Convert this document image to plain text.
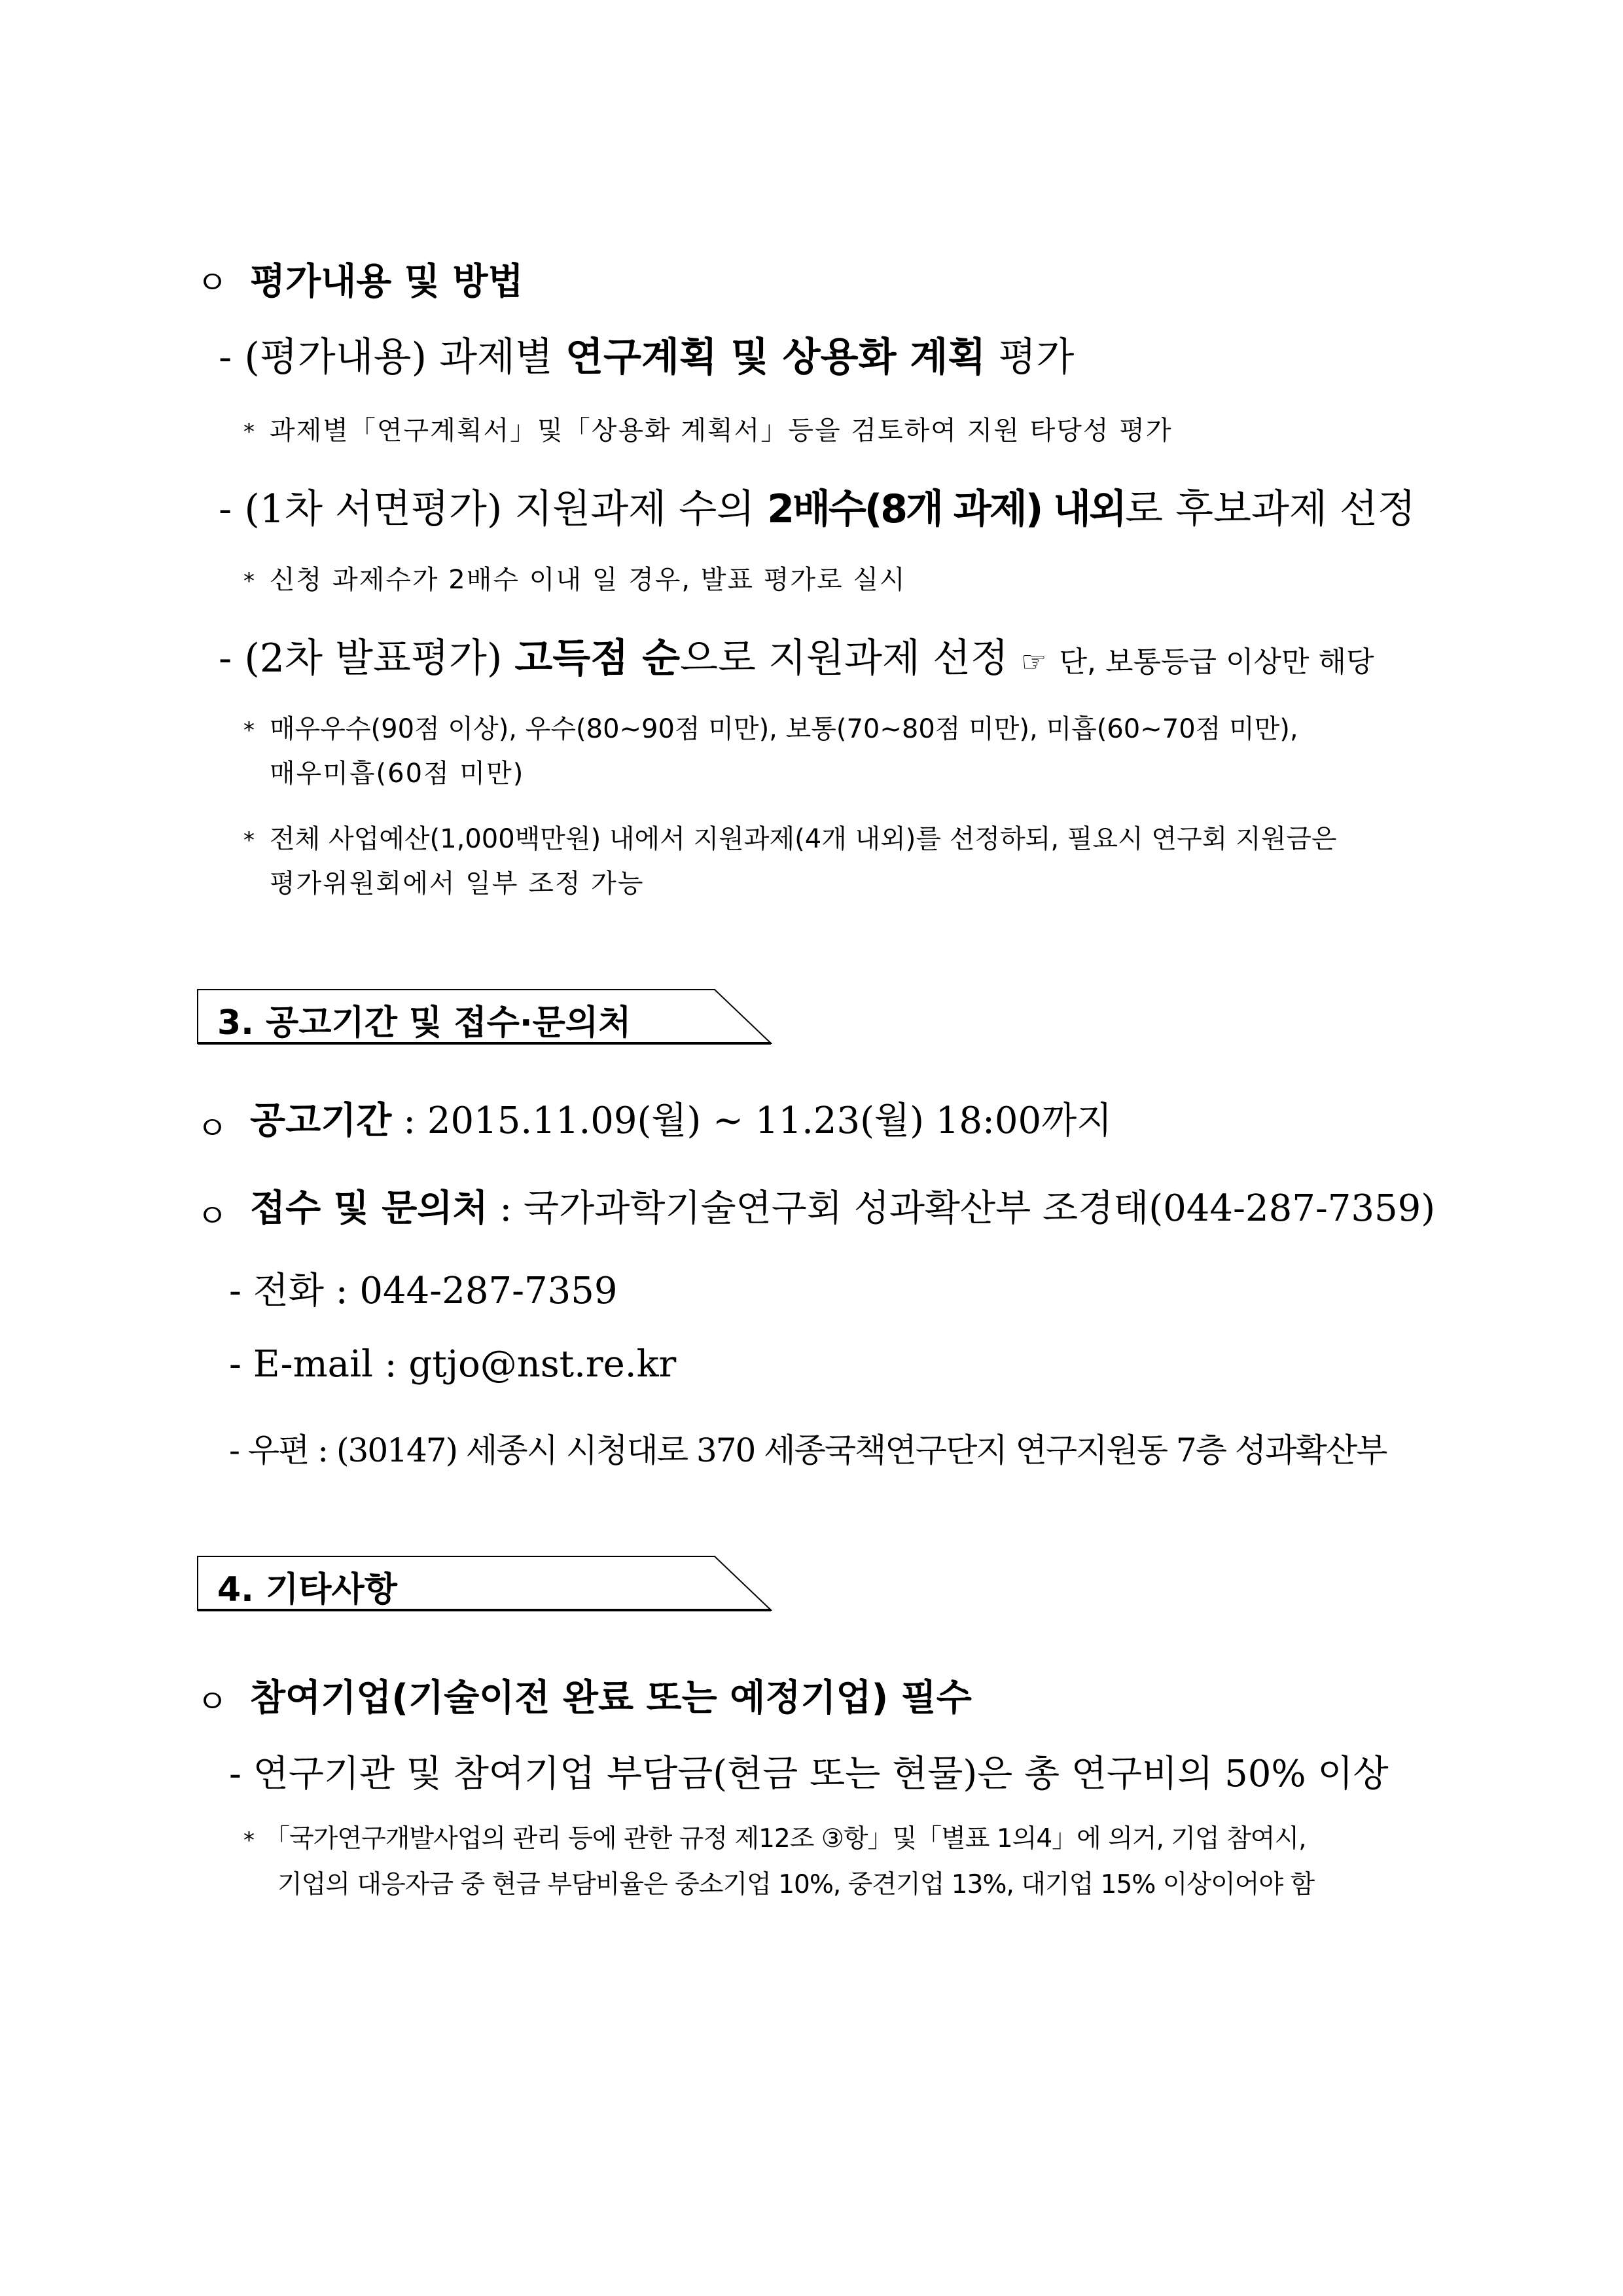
ㅇ 평가내용 및 방법
- (평가내용) 과제별 연구계획 및 상용화 계획 평가
* 과제별「연구계획서」및「상용화 계획서」등을 검토하여 지원 타당성 평가
- (1차 서면평가) 지원과제 수의 2배수(8개 과제) 내외로 후보과제 선정
* 신청 과제수가 2배수 이내 일 경우, 발표 평가로 실시
- (2차 발표평가) 고득점 순으로 지원과제 선정 ☞ 단, 보통등급 이상만 해당
* 매우우수(90점 이상), 우수(80~90점 미만), 보통(70~80점 미만), 미흡(60~70점 미만),
매우미흡(60점 미만)
* 전체 사업예산(1,000백만원) 내에서 지원과제(4개 내외)를 선정하되, 필요시 연구회 지원금은
평가위원회에서 일부 조정 가능
3. 공고기간 및 접수·문의처
ㅇ 공고기간 : 2015.11.09(월) ~ 11.23(월) 18:00까지
ㅇ 접수 및 문의처 : 국가과학기술연구회 성과확산부 조경태(044-287-7359)
- 전화 : 044-287-7359
- E-mail : gtjo@nst.re.kr
- 우편 : (30147) 세종시 시청대로 370 세종국책연구단지 연구지원동 7층 성과확산부
4. 기타사항
ㅇ 참여기업(기술이전 완료 또는 예정기업) 필수
- 연구기관 및 참여기업 부담금(현금 또는 현물)은 총 연구비의 50% 이상
* 「국가연구개발사업의 관리 등에 관한 규정 제12조 ③항」및「별표 1의4」에 의거, 기업 참여시,
기업의 대응자금 중 현금 부담비율은 중소기업 10%, 중견기업 13%, 대기업 15% 이상이어야 함
